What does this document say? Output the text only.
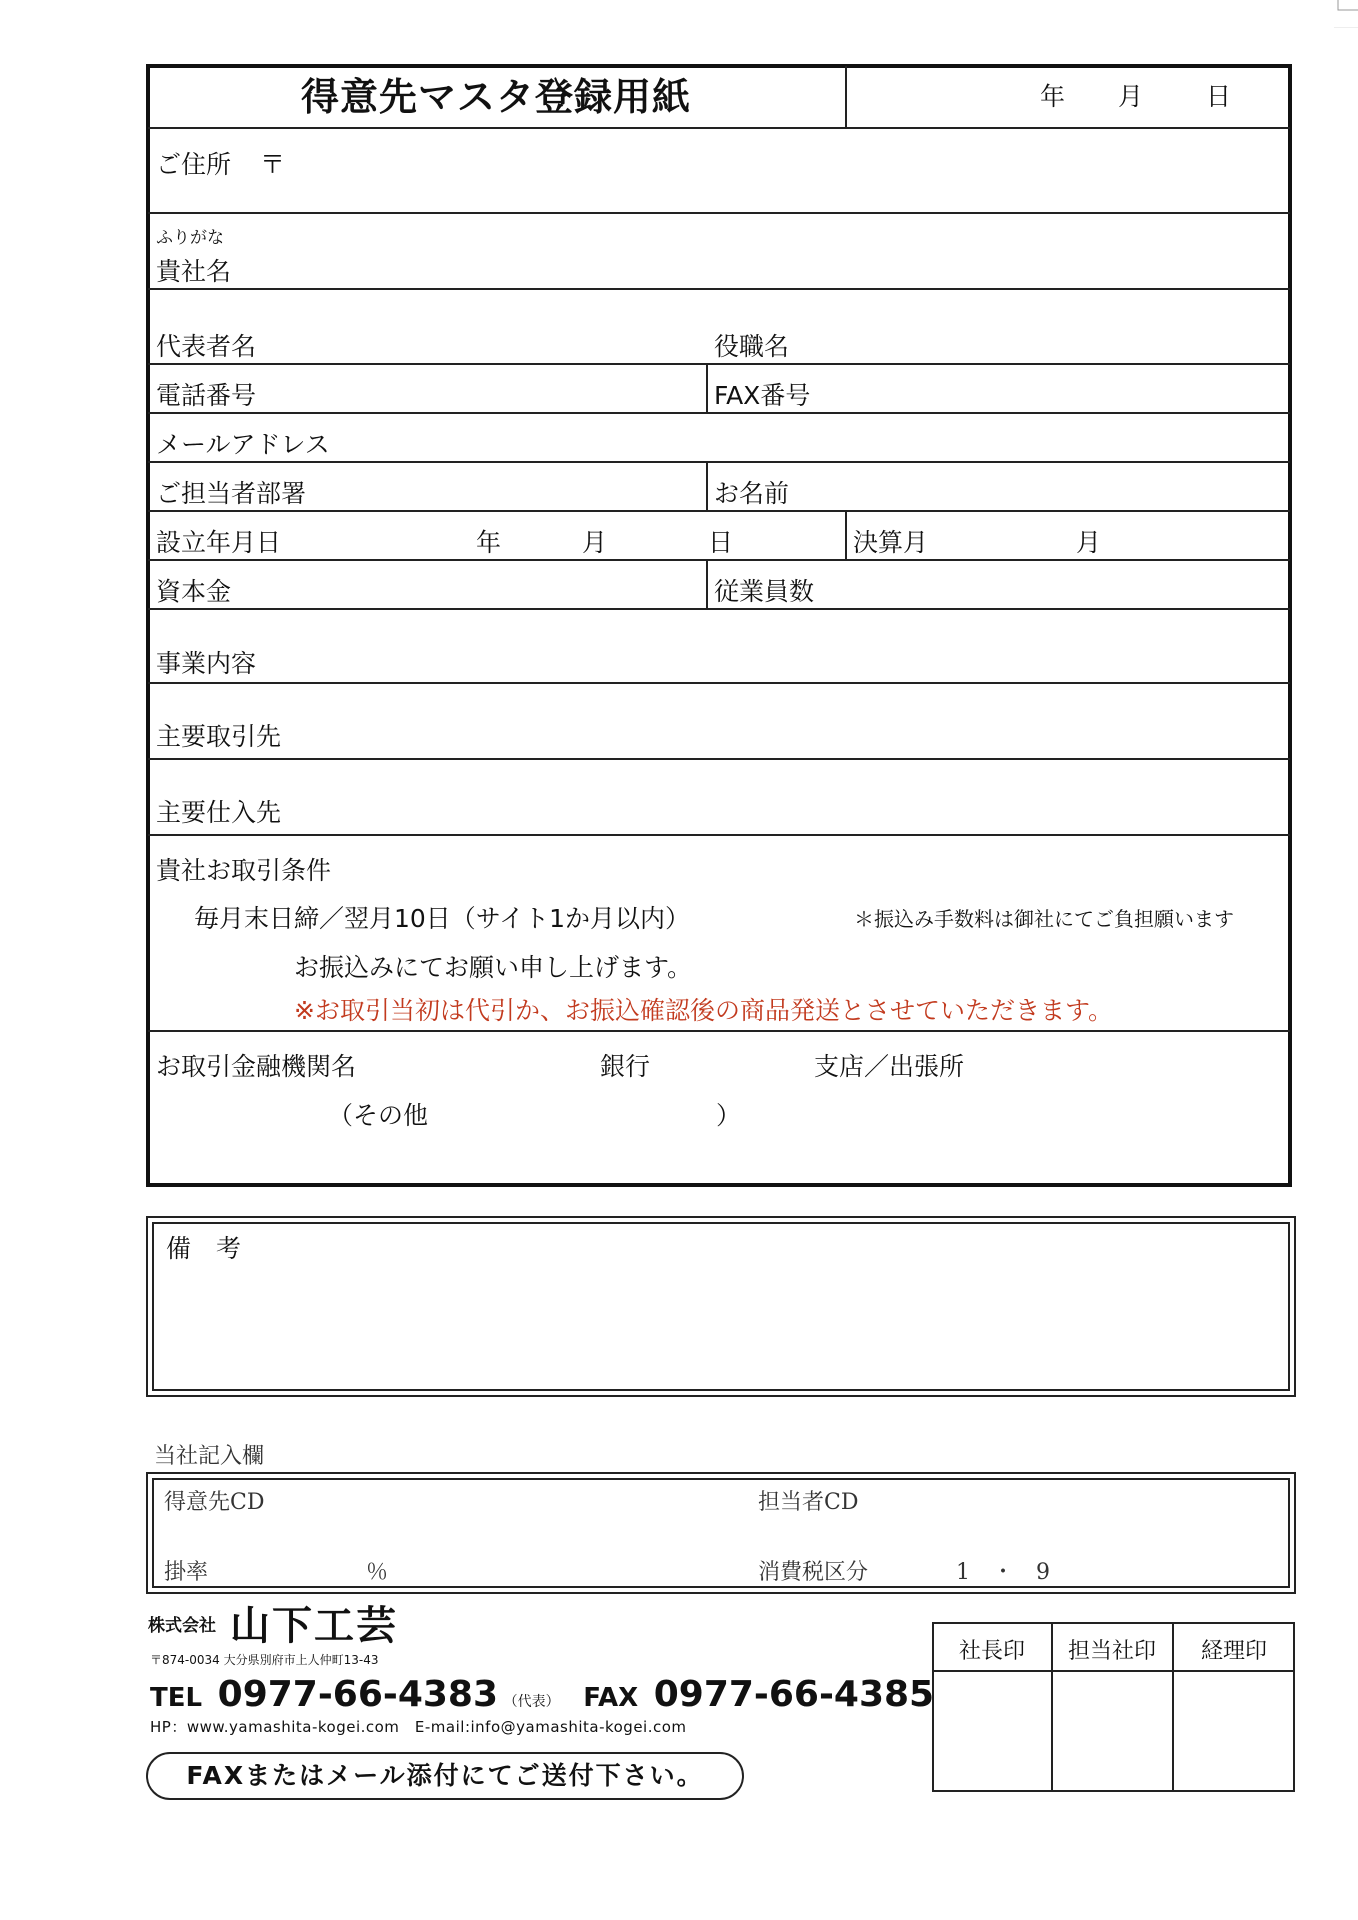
得意先マスタ登録用紙	年 月	日
ご住所 〒
ふりがな
貴社名
代表者名	役職名
電話番号	FAX番号
メールアドレス
ご担当者部署	お名前
設立年月日	年	月	日	決算月	月
資本金	従業員数
事業内容
主要取引先
主要仕入先
貴社お取引条件
毎月末日締／翌月10日（サイト1か月以内）	＊振込み手数料は御社にてご負担願います
お振込みにてお願い申し上げます。
※お取引当初は代引か、お振込確認後の商品発送とさせていただきます。
お取引金融機関名	銀行	支店／出張所
（その他	）
備　考
当社記入欄
得意先CD	担当者CD
掛率	％	消費税区分	1　・　9
社長印	担当社印	経理印
株式会社 山下工芸
〒874-0034 大分県別府市上人仲町13-43
TEL 0977-66-4383 （代表） FAX 0977-66-4385
HP：www.yamashita-kogei.com　E-mail:info@yamashita-kogei.com
FAXまたはメール添付にてご送付下さい。
